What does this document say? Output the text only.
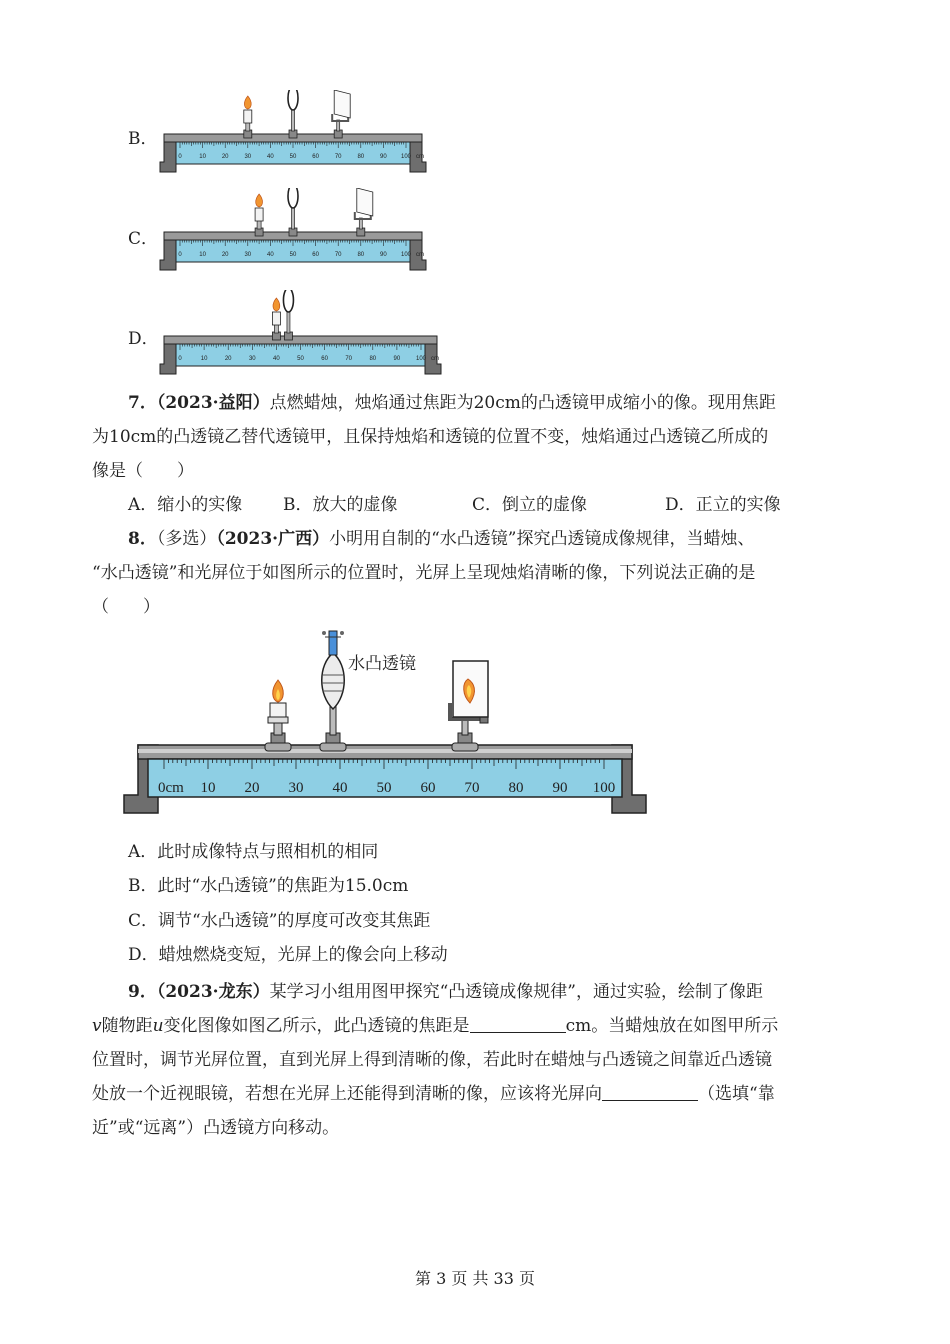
B．
C．
D．
0	10	20	30	40	50	60	70	80	90 100 cm
0	10	20	30	40	50	60	70	80	90 100 cm
0	10	20	30	40	50	60	70	80	90	100 cm
7．（2023·益阳）点燃蜡烛，烛焰通过焦距为20cm的凸透镜甲成缩小的像。现用焦距
为10cm的凸透镜乙替代透镜甲，且保持烛焰和透镜的位置不变，烛焰通过凸透镜乙所成的
像是（　　）
A．缩小的实像 B．放大的虚像	C．倒立的虚像	D．正立的实像
8．（多选）（2023·广西）小明用自制的“水凸透镜”探究凸透镜成像规律，当蜡烛、
“水凸透镜”和光屏位于如图所示的位置时，光屏上呈现烛焰清晰的像，下列说法正确的是
（　　）
0cm 10 20 30 40 50 60 70 80 90 100
水凸透镜
A．此时成像特点与照相机的相同
B．此时“水凸透镜”的焦距为15.0cm
C．调节“水凸透镜”的厚度可改变其焦距
D．蜡烛燃烧变短，光屏上的像会向上移动
9．（2023·龙东）某学习小组用图甲探究“凸透镜成像规律”，通过实验，绘制了像距
v随物距u变化图像如图乙所示，此凸透镜的焦距是	cm。当蜡烛放在如图甲所示
位置时，调节光屏位置，直到光屏上得到清晰的像，若此时在蜡烛与凸透镜之间靠近凸透镜
处放一个近视眼镜，若想在光屏上还能得到清晰的像，应该将光屏向	（选填“靠
近”或“远离”）凸透镜方向移动。
第 3 页 共 33 页
